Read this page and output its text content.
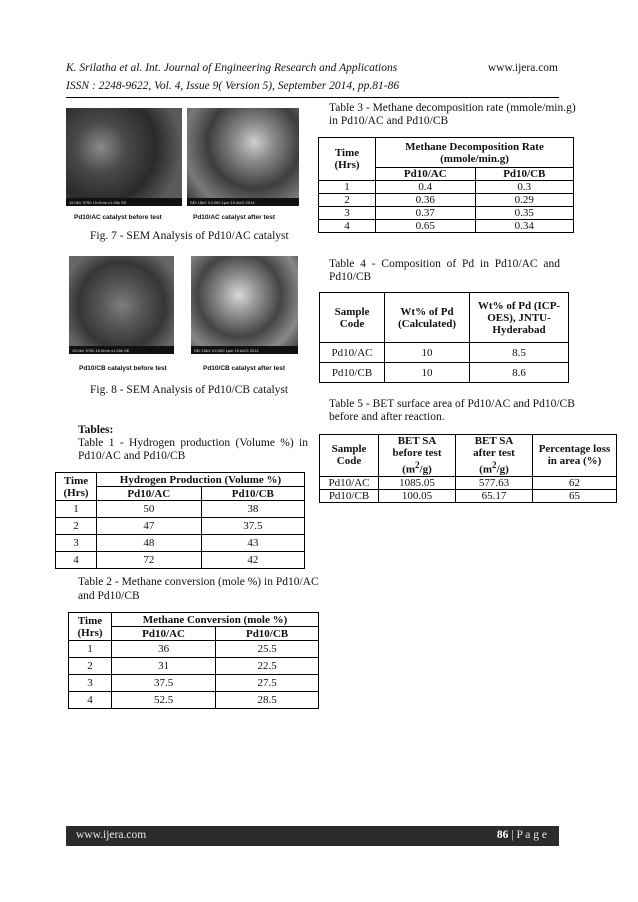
K. Srilatha et al. Int. Journal of Engineering Research and Applications	www.ijera.com
ISSN : 2248-9622, Vol. 4, Issue 9( Version 5), September 2014, pp.81-86
15.0kV 5750 15.0mm x1.00k SE	SEI 15kV X4,000 1µm 19 AUG 2014
Pd10/AC catalyst before test	Pd10/AC catalyst after test
Fig. 7 - SEM Analysis of Pd10/AC catalyst
15.0kV 5760 15.0mm x1.00k SE	SEI 15kV X4,000 1µm 19 AUG 2014
Pd10/CB catalyst before test	Pd10/CB catalyst after test
Fig. 8 - SEM Analysis of Pd10/CB catalyst
Tables:
Table 1 - Hydrogen production (Volume %) in
Pd10/AC and Pd10/CB
Time
(Hrs)	Hydrogen Production (Volume %)	
	Pd10/AC	Pd10/CB
1	50	38
2	47	37.5
3	48	43
4	72	42
Table 2 - Methane conversion (mole %) in Pd10/AC
and Pd10/CB
Time
(Hrs)	Methane Conversion (mole %)	
	Pd10/AC	Pd10/CB
1	36	25.5
2	31	22.5
3	37.5	27.5
4	52.5	28.5
Table 3 - Methane decomposition rate (mmole/min.g)
in Pd10/AC and Pd10/CB
Time
(Hrs)	Methane Decomposition Rate
(mmole/min.g)	
	Pd10/AC	Pd10/CB
1	0.4	0.3
2	0.36	0.29
3	0.37	0.35
4	0.65	0.34
Table 4 - Composition of Pd in Pd10/AC and
Pd10/CB
Sample
Code	Wt% of Pd
(Calculated)	Wt% of Pd (ICP-
OES), JNTU-
Hyderabad
Pd10/AC	10	8.5
Pd10/CB	10	8.6
Table 5 - BET surface area of Pd10/AC and Pd10/CB
before and after reaction.
Sample
Code	BET SA
before test
$(m^2/g)$	BET SA
after test
$(m^2/g)$	Percentage loss
in area (%)
Pd10/AC	1085.05	577.63	62
Pd10/CB	100.05	65.17	65
www.ijera.com	86 | P a g e
